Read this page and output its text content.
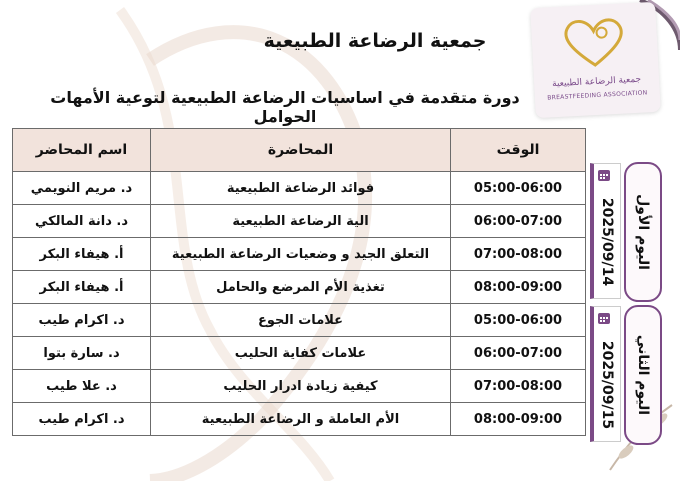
جمعية الرضاعة الطبيعية
BREASTFEEDING ASSOCIATION
جمعية الرضاعة الطبيعية
دورة متقدمة في اساسيات الرضاعة الطبيعية لتوعية الأمهات الحوامل
اسم المحاضر	المحاضرة	الوقت
د. مريم النويمي	فوائد الرضاعة الطبيعية	05:00-06:00
د. دانة المالكي	الية الرضاعة الطبيعية	06:00-07:00
أ. هيفاء البكر	التعلق الجيد و وضعيات الرضاعة الطبيعية	07:00-08:00
أ. هيفاء البكر	تغذية الأم المرضع والحامل	08:00-09:00
د. اكرام طيب	علامات الجوع	05:00-06:00
د. سارة بتوا	علامات كفاية الحليب	06:00-07:00
د. علا طيب	كيفية زيادة ادرار الحليب	07:00-08:00
د. اكرام طيب	الأم العاملة و الرضاعة الطبيعية	08:00-09:00
2025/09/14 اليوم الأول
2025/09/15 اليوم الثاني
